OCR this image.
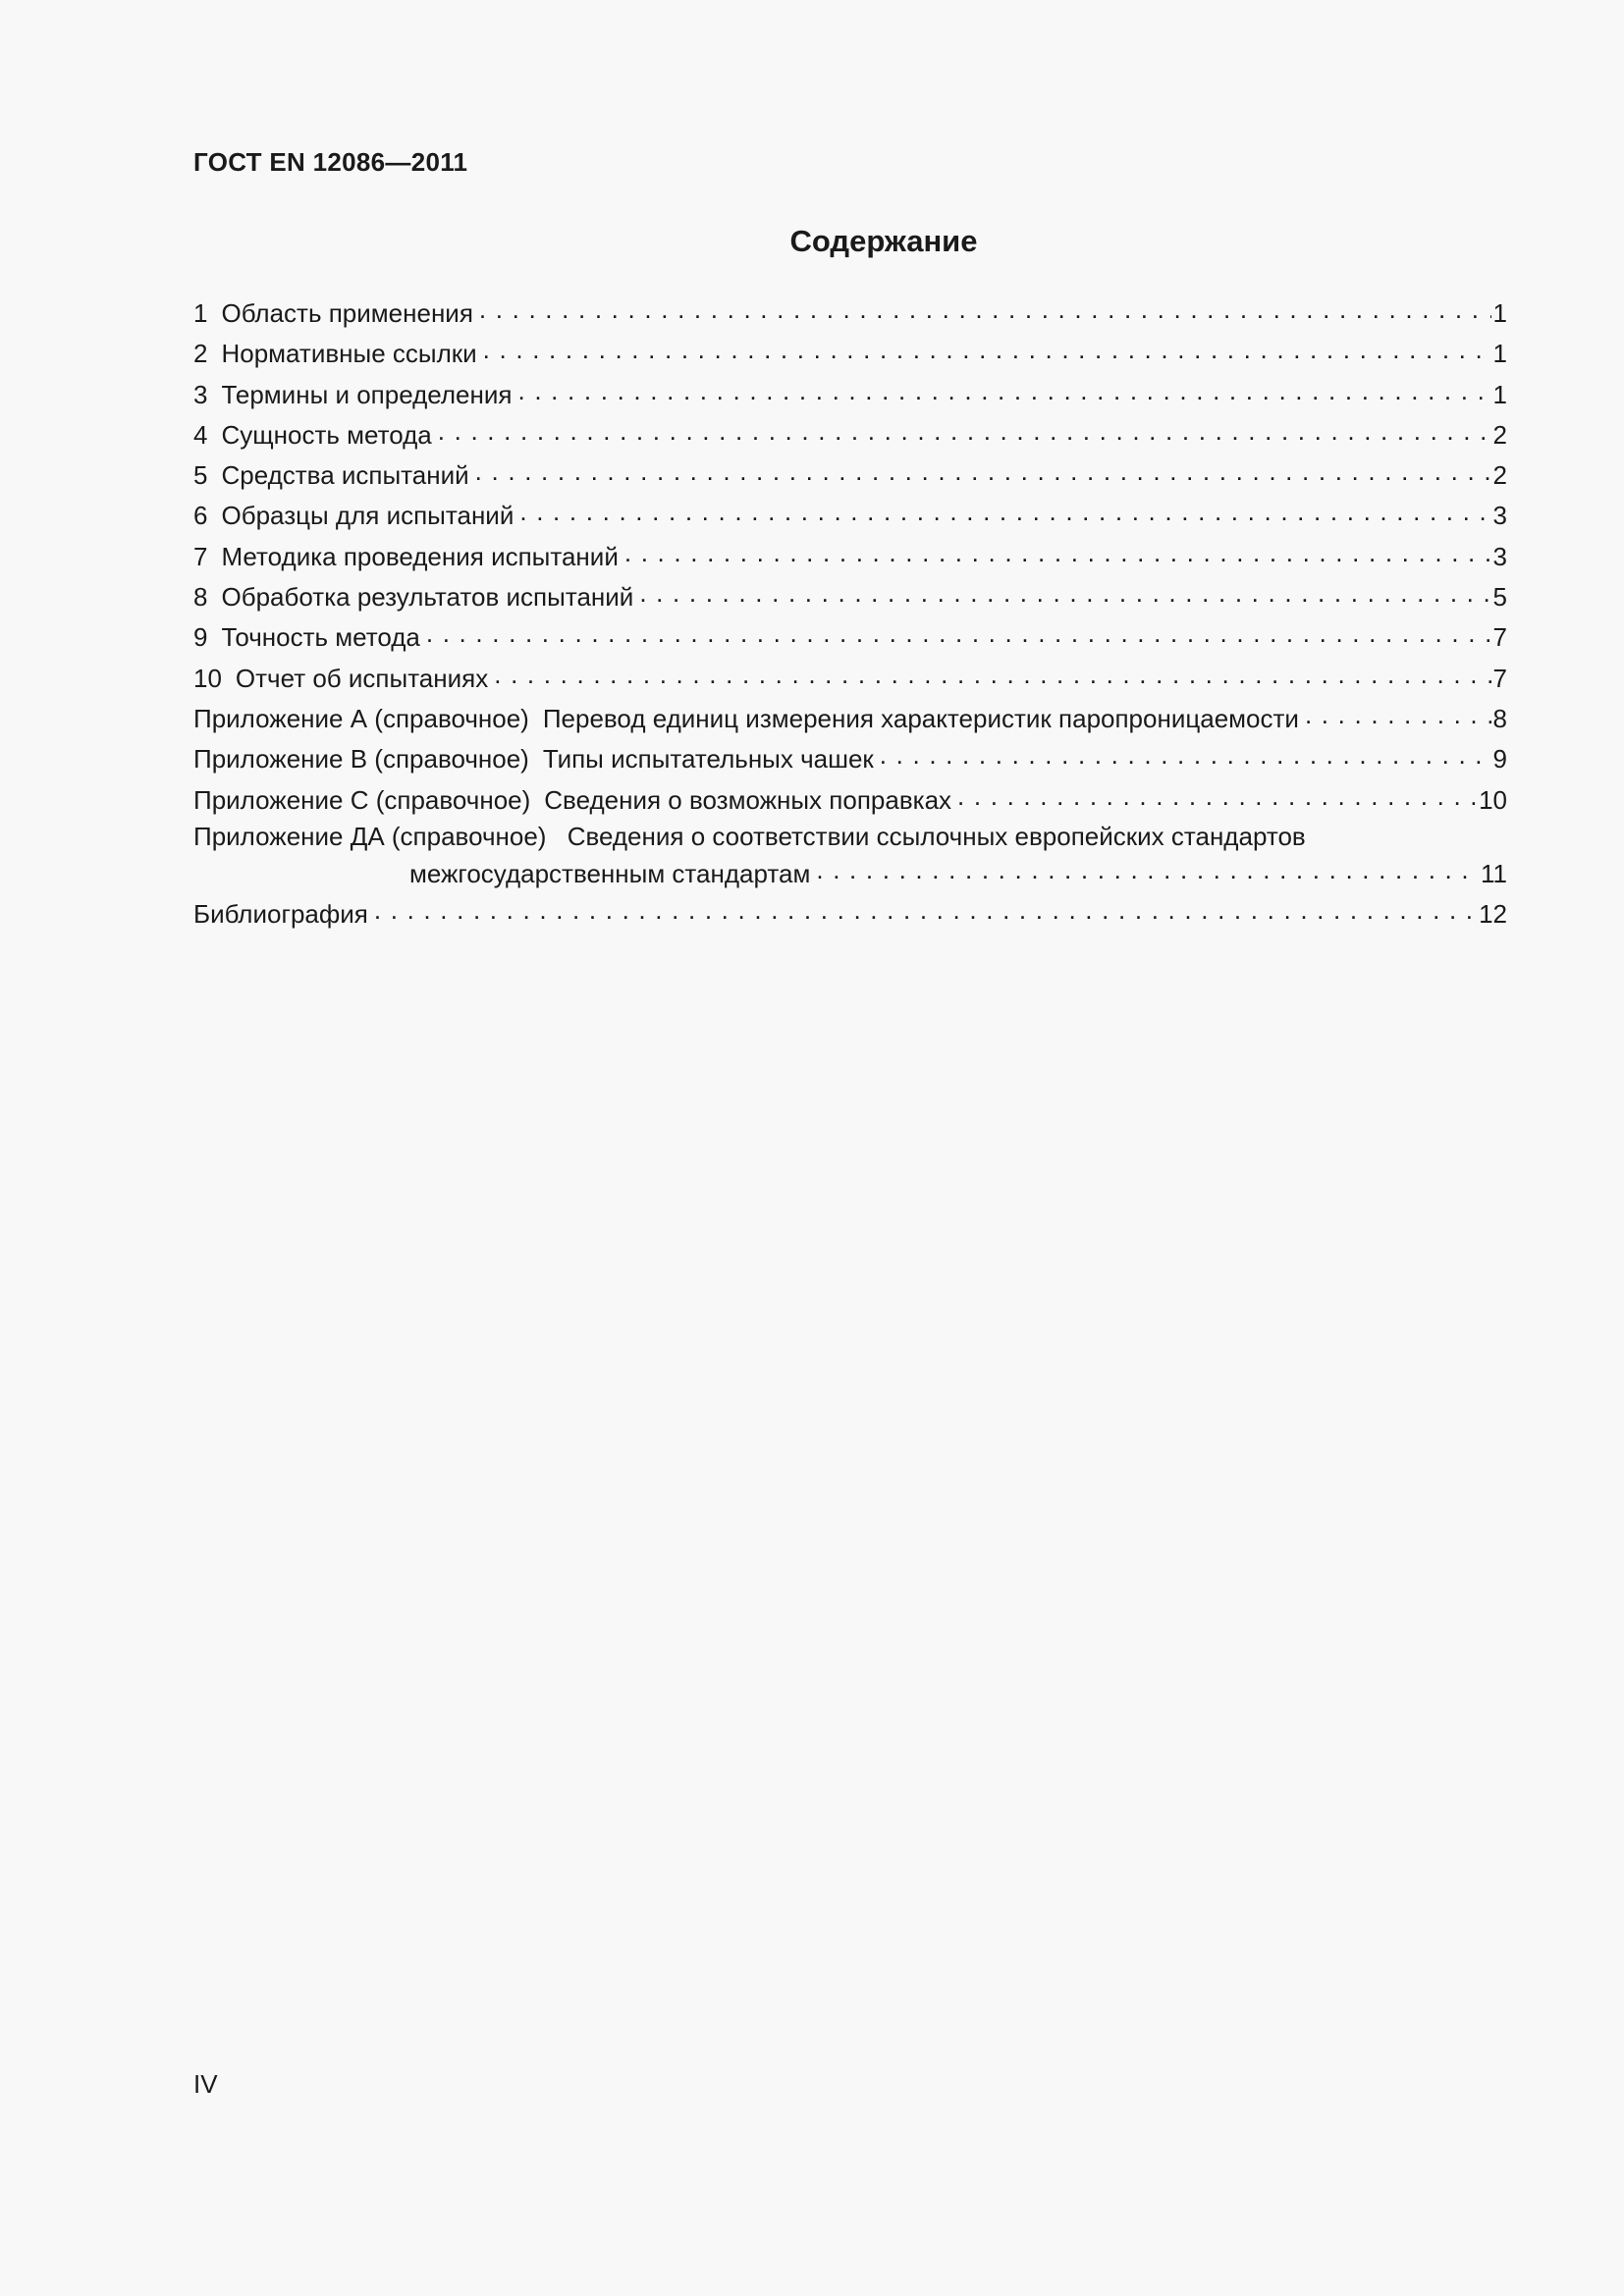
ГОСТ EN 12086—2011
Содержание
1 Область применения . . .	1
2 Нормативные ссылки . . .	1
3 Термины и определения . . .	1
4 Сущность метода . . .	2
5 Средства испытаний . . .	2
6 Образцы для испытаний . . .	3
7 Методика проведения испытаний . . .	3
8 Обработка результатов испытаний . . .	5
9 Точность метода . . .	7
10 Отчет об испытаниях . . .	7
Приложение А (справочное) Перевод единиц измерения характеристик паропроницаемости . . .	8
Приложение В (справочное) Типы испытательных чашек . . .	9
Приложение С (справочное) Сведения о возможных поправках . . .	10
Приложение ДА (справочное) Сведения о соответствии ссылочных европейских стандартов
межгосударственным стандартам . . .	11
Библиография . . .	12
IV
